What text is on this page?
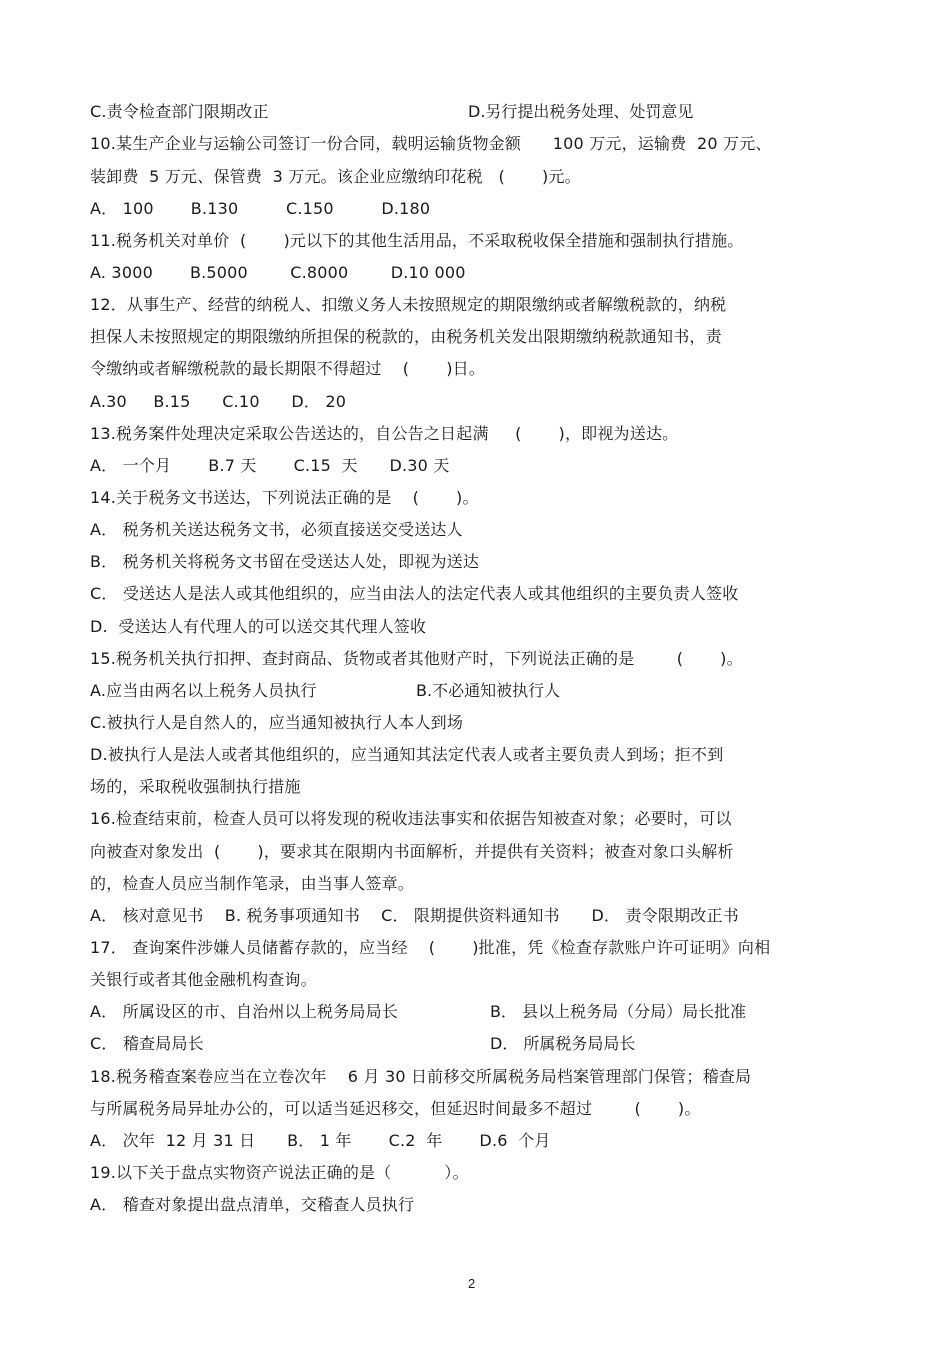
C.责令检查部门限期改正	D.另行提出税务处理、处罚意见
10.某生产企业与运输公司签订一份合同，载明运输货物金额      100 万元，运输费  20 万元、
装卸费  5 万元、保管费  3 万元。该企业应缴纳印花税   (       )元。
A． 100       B.130         C.150         D.180
11.税务机关对单价  (       )元以下的其他生活用品，不采取税收保全措施和强制执行措施。
A. 3000       B.5000        C.8000        D.10 000
12．从事生产、经营的纳税人、扣缴义务人未按照规定的期限缴纳或者解缴税款的，纳税
担保人未按照规定的期限缴纳所担保的税款的，由税务机关发出限期缴纳税款通知书，责
令缴纳或者解缴税款的最长期限不得超过    (       )日。
A.30     B.15      C.10      D． 20
13.税务案件处理决定采取公告送达的，自公告之日起满     (       )，即视为送达。
A． 一个月       B.7 天       C.15  天      D.30 天
14.关于税务文书送达，下列说法正确的是    (       )。
A． 税务机关送达税务文书，必须直接送交受送达人
B． 税务机关将税务文书留在受送达人处，即视为送达
C． 受送达人是法人或其他组织的，应当由法人的法定代表人或其他组织的主要负责人签收
D.  受送达人有代理人的可以送交其代理人签收
15.税务机关执行扣押、查封商品、货物或者其他财产时，下列说法正确的是        (       )。
A.应当由两名以上税务人员执行	B.不必通知被执行人
C.被执行人是自然人的，应当通知被执行人本人到场
D.被执行人是法人或者其他组织的，应当通知其法定代表人或者主要负责人到场；拒不到
场的，采取税收强制执行措施
16.检查结束前，检查人员可以将发现的税收违法事实和依据告知被查对象；必要时，可以
向被查对象发出  (       )，要求其在限期内书面解析，并提供有关资料；被查对象口头解析
的，检查人员应当制作笔录，由当事人签章。
A． 核对意见书    B. 税务事项通知书    C． 限期提供资料通知书      D． 责令限期改正书
17． 查询案件涉嫌人员储蓄存款的，应当经    (       )批准，凭《检查存款账户许可证明》向相
关银行或者其他金融机构查询。
A． 所属设区的市、自治州以上税务局局长	B． 县以上税务局（分局）局长批准
C． 稽查局局长	D． 所属税务局局长
18.税务稽查案卷应当在立卷次年    6 月 30 日前移交所属税务局档案管理部门保管；稽查局
与所属税务局异址办公的，可以适当延迟移交，但延迟时间最多不超过        (       )。
A． 次年  12 月 31 日      B． 1 年       C.2  年       D.6  个月
19.以下关于盘点实物资产说法正确的是（          ）。
A． 稽查对象提出盘点清单，交稽查人员执行
2
